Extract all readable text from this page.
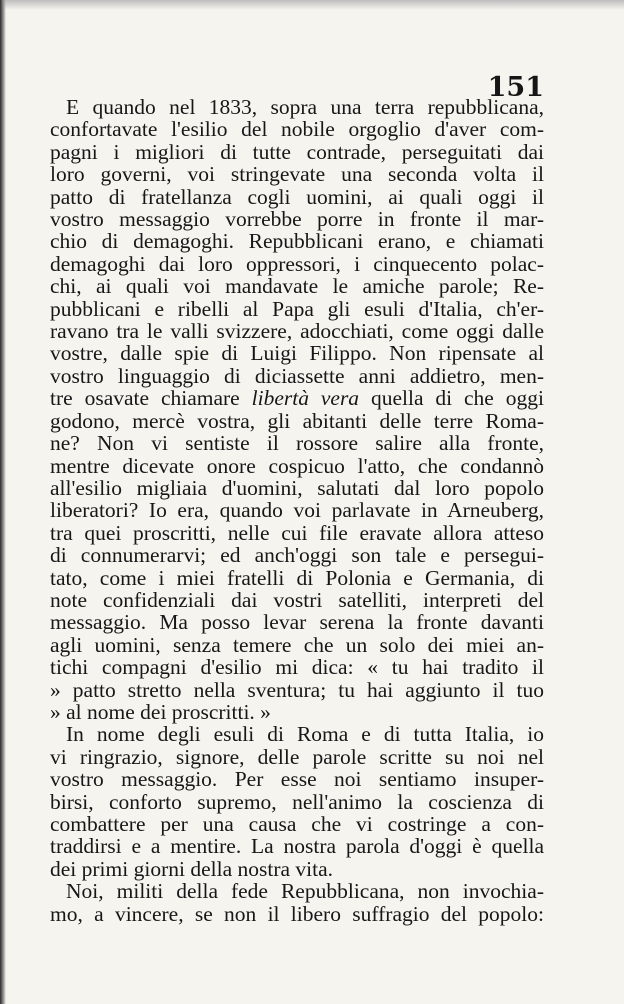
151
E quando nel 1833, sopra una terra repubblicana,
confortavate l'esilio del nobile orgoglio d'aver com-
pagni i migliori di tutte contrade, perseguitati dai
loro governi, voi stringevate una seconda volta il
patto di fratellanza cogli uomini, ai quali oggi il
vostro messaggio vorrebbe porre in fronte il mar-
chio di demagoghi. Repubblicani erano, e chiamati
demagoghi dai loro oppressori, i cinquecento polac-
chi, ai quali voi mandavate le amiche parole; Re-
pubblicani e ribelli al Papa gli esuli d'Italia, ch'er-
ravano tra le valli svizzere, adocchiati, come oggi dalle
vostre, dalle spie di Luigi Filippo. Non ripensate al
vostro linguaggio di diciassette anni addietro, men-
tre osavate chiamare libertà vera quella di che oggi
godono, mercè vostra, gli abitanti delle terre Roma-
ne? Non vi sentiste il rossore salire alla fronte,
mentre dicevate onore cospicuo l'atto, che condannò
all'esilio migliaia d'uomini, salutati dal loro popolo
liberatori? Io era, quando voi parlavate in Arneuberg,
tra quei proscritti, nelle cui file eravate allora atteso
di connumerarvi; ed anch'oggi son tale e persegui-
tato, come i miei fratelli di Polonia e Germania, di
note confidenziali dai vostri satelliti, interpreti del
messaggio. Ma posso levar serena la fronte davanti
agli uomini, senza temere che un solo dei miei an-
tichi compagni d'esilio mi dica: « tu hai tradito il
» patto stretto nella sventura; tu hai aggiunto il tuo
» al nome dei proscritti. »
In nome degli esuli di Roma e di tutta Italia, io
vi ringrazio, signore, delle parole scritte su noi nel
vostro messaggio. Per esse noi sentiamo insuper-
birsi, conforto supremo, nell'animo la coscienza di
combattere per una causa che vi costringe a con-
traddirsi e a mentire. La nostra parola d'oggi è quella
dei primi giorni della nostra vita.
Noi, militi della fede Repubblicana, non invochia-
mo, a vincere, se non il libero suffragio del popolo:
